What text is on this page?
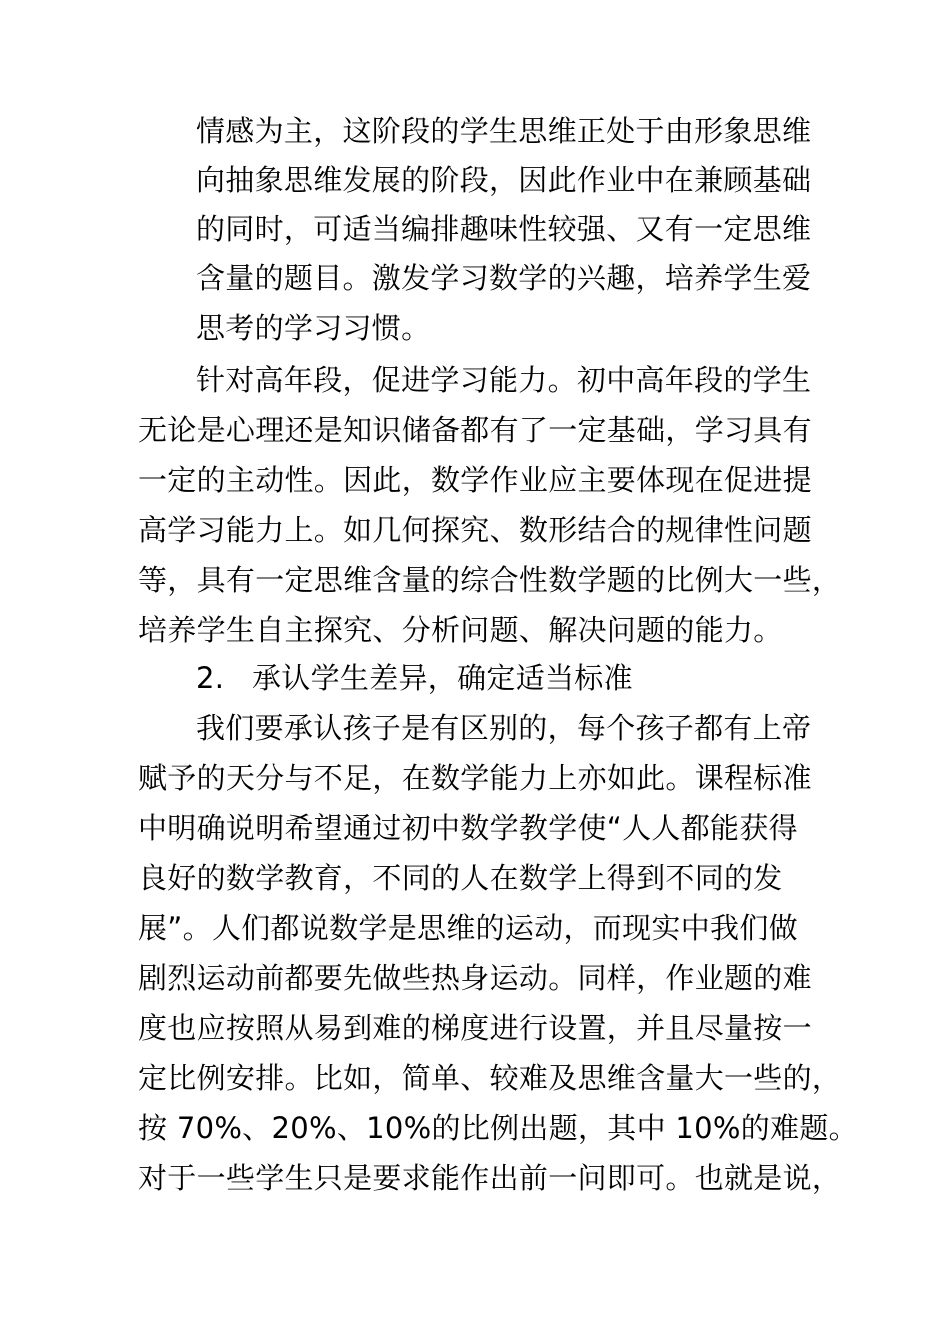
情感为主，这阶段的学生思维正处于由形象思维
向抽象思维发展的阶段，因此作业中在兼顾基础
的同时，可适当编排趣味性较强、又有一定思维
含量的题目。激发学习数学的兴趣，培养学生爱
思考的学习习惯。
针对高年段，促进学习能力。初中高年段的学生
无论是心理还是知识储备都有了一定基础，学习具有
一定的主动性。因此，数学作业应主要体现在促进提
高学习能力上。如几何探究、数形结合的规律性问题
等，具有一定思维含量的综合性数学题的比例大一些，
培养学生自主探究、分析问题、解决问题的能力。
2. 承认学生差异，确定适当标准
我们要承认孩子是有区别的，每个孩子都有上帝
赋予的天分与不足，在数学能力上亦如此。课程标准
中明确说明希望通过初中数学教学使“人人都能获得
良好的数学教育，不同的人在数学上得到不同的发
展”。人们都说数学是思维的运动，而现实中我们做
剧烈运动前都要先做些热身运动。同样，作业题的难
度也应按照从易到难的梯度进行设置，并且尽量按一
定比例安排。比如，简单、较难及思维含量大一些的，
按 70%、20%、10%的比例出题，其中 10%的难题。
对于一些学生只是要求能作出前一问即可。也就是说，
